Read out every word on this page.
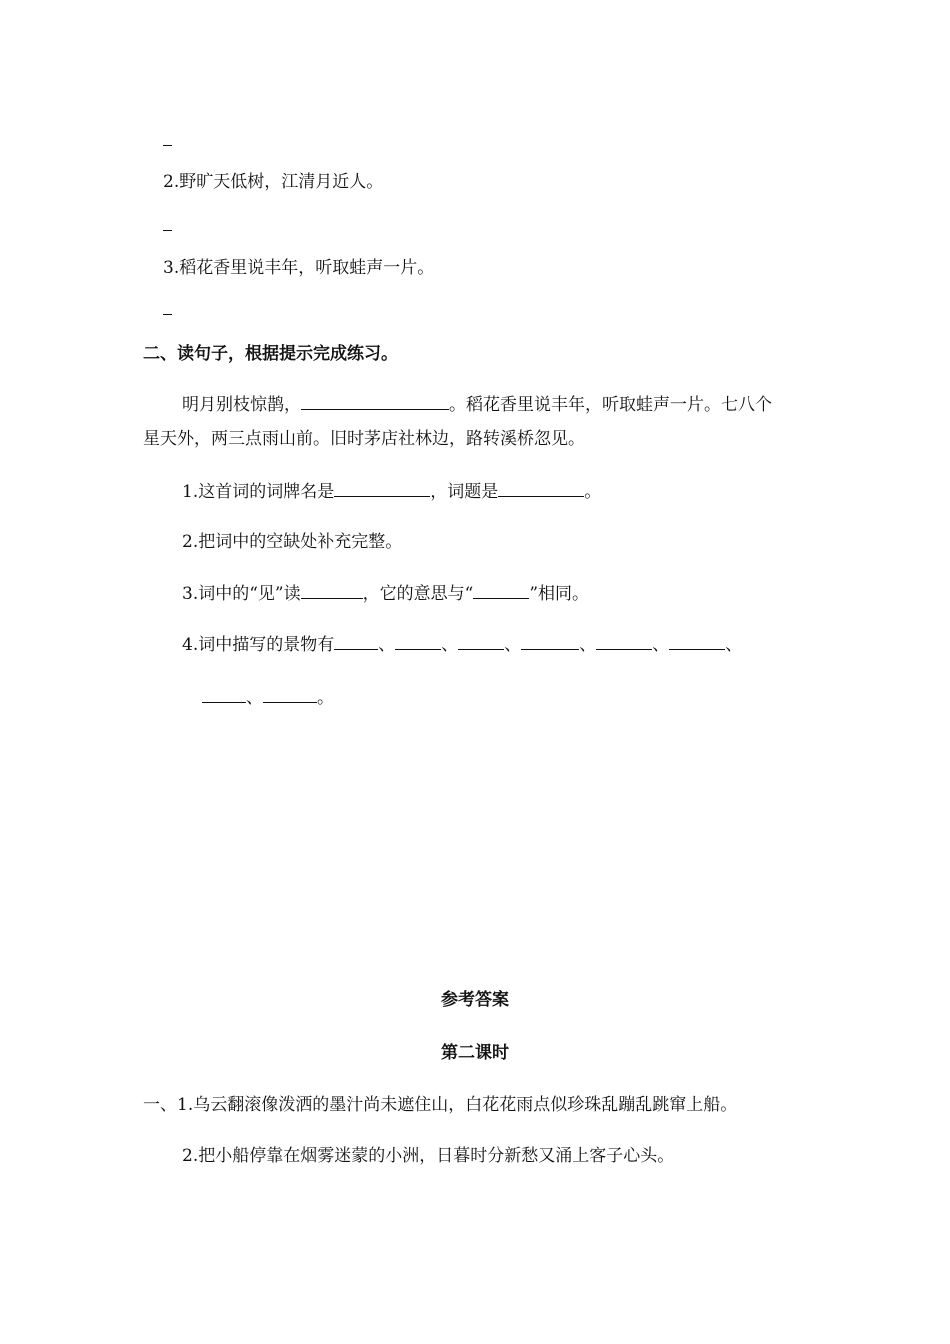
2.野旷天低树，江清月近人。
3.稻花香里说丰年，听取蛙声一片。
二、读句子，根据提示完成练习。
明月别枝惊鹊，	。稻花香里说丰年，听取蛙声一片。七八个
星天外，两三点雨山前。旧时茅店社林边，路转溪桥忽见。
1.这首词的词牌名是	，词题是	。
2.把词中的空缺处补充完整。
3.词中的“见”读	，它的意思与“	”相同。
4.词中描写的景物有	、	、	、	、	、	、
、	。
参考答案
第二课时
一、1.乌云翻滚像泼洒的墨汁尚未遮住山，白花花雨点似珍珠乱蹦乱跳窜上船。
2.把小船停靠在烟雾迷蒙的小洲，日暮时分新愁又涌上客子心头。
